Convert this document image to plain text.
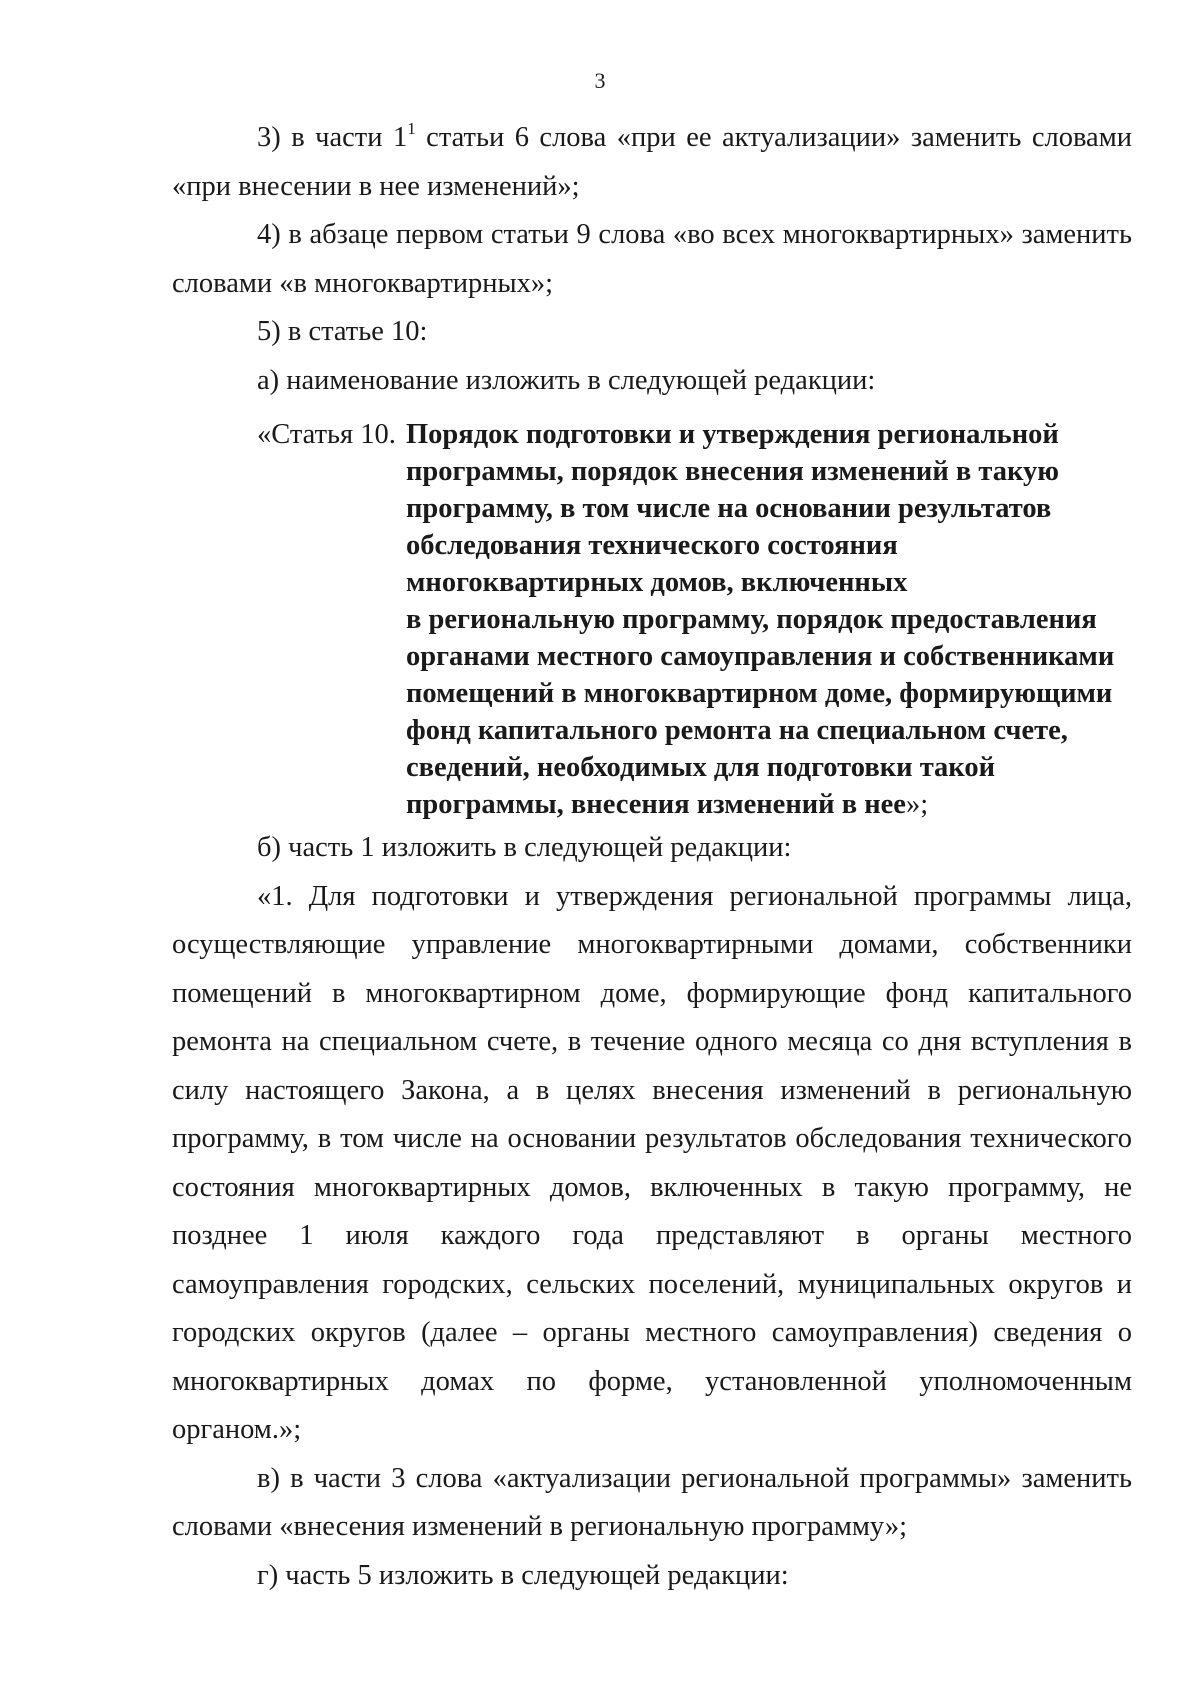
3

3) в части $1^1$ статьи 6 слова «при ее актуализации» заменить словами «при внесении в нее изменений»;

4) в абзаце первом статьи 9 слова «во всех многоквартирных» заменить словами «в многоквартирных»;

5) в статье 10:

а) наименование изложить в следующей редакции:

«Статья 10. Порядок подготовки и утверждения региональной
программы, порядок внесения изменений в такую
программу, в том числе на основании результатов
обследования технического состояния
многоквартирных домов, включенных
в региональную программу, порядок предоставления
органами местного самоуправления и собственниками
помещений в многоквартирном доме, формирующими
фонд капитального ремонта на специальном счете,
сведений, необходимых для подготовки такой
программы, внесения изменений в нее»;

б) часть 1 изложить в следующей редакции:

«1. Для подготовки и утверждения региональной программы лица, осуществляющие управление многоквартирными домами, собственники помещений в многоквартирном доме, формирующие фонд капитального ремонта на специальном счете, в течение одного месяца со дня вступления в силу настоящего Закона, а в целях внесения изменений в региональную программу, в том числе на основании результатов обследования технического состояния многоквартирных домов, включенных в такую программу, не позднее 1 июля каждого года представляют в органы местного самоуправления городских, сельских поселений, муниципальных округов и городских округов (далее – органы местного самоуправления) сведения о многоквартирных домах по форме, установленной уполномоченным органом.»;

в) в части 3 слова «актуализации региональной программы» заменить словами «внесения изменений в региональную программу»;

г) часть 5 изложить в следующей редакции:
